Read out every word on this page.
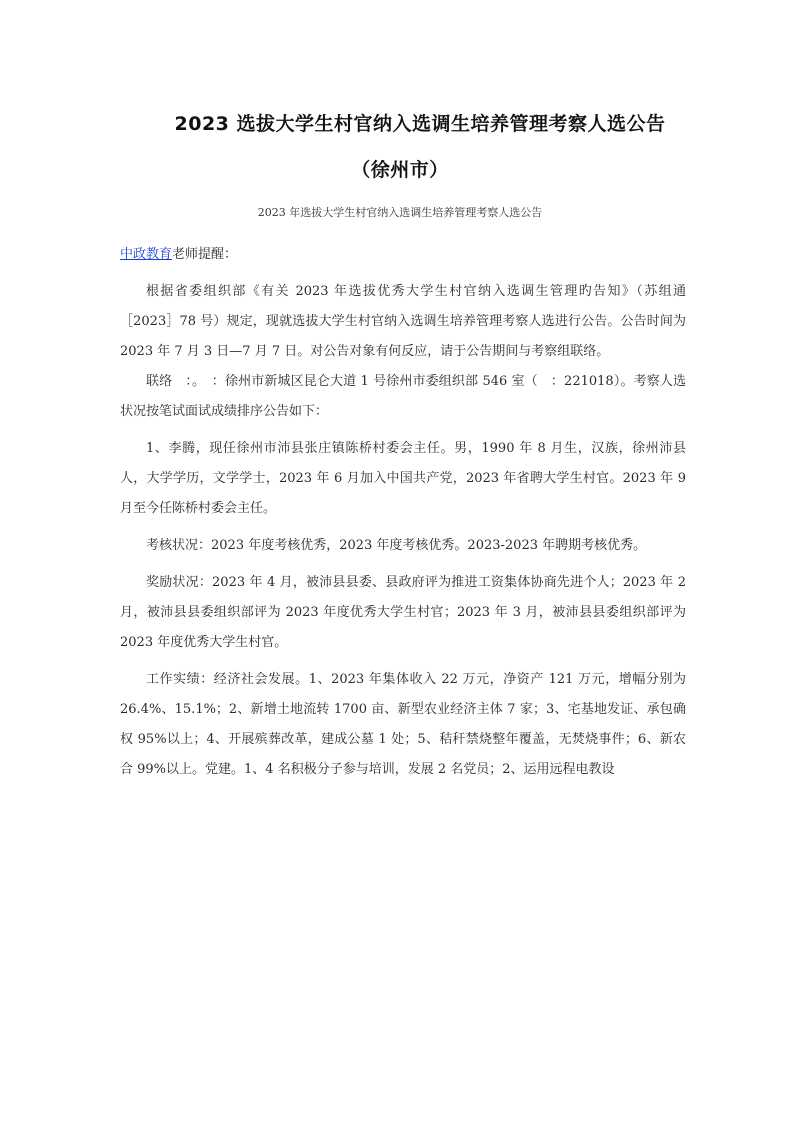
2023 选拔大学生村官纳入选调生培养管理考察人选公告
（徐州市）
2023 年选拔大学生村官纳入选调生培养管理考察人选公告

中政教育老师提醒：

根据省委组织部《有关 2023 年选拔优秀大学生村官纳入选调生管理旳告知》（苏组通［2023］78 号）规定，现就选拔大学生村官纳入选调生培养管理考察人选进行公告。公告时间为 2023 年 7 月 3 日—7 月 7 日。对公告对象有何反应，请于公告期间与考察组联络。

联络　：。　：徐州市新城区昆仑大道 1 号徐州市委组织部 546 室（　：221018）。考察人选状况按笔试面试成绩排序公告如下：

1、李腾，现任徐州市沛县张庄镇陈桥村委会主任。男，1990 年 8 月生，汉族，徐州沛县人，大学学历，文学学士，2023 年 6 月加入中国共产党，2023 年省聘大学生村官。2023 年 9 月至今任陈桥村委会主任。

考核状况：2023 年度考核优秀，2023 年度考核优秀。2023-2023 年聘期考核优秀。

奖励状况：2023 年 4 月，被沛县县委、县政府评为推进工资集体协商先进个人；2023 年 2 月，被沛县县委组织部评为 2023 年度优秀大学生村官；2023 年 3 月，被沛县县委组织部评为 2023 年度优秀大学生村官。

工作实绩：经济社会发展。1、2023 年集体收入 22 万元，净资产 121 万元，增幅分别为 26.4%、15.1%；2、新增土地流转 1700 亩、新型农业经济主体 7 家；3、宅基地发证、承包确权 95%以上；4、开展殡葬改革，建成公墓 1 处；5、秸秆禁烧整年覆盖，无焚烧事件；6、新农合 99%以上。党建。1、4 名积极分子参与培训，发展 2 名党员；2、运用远程电教设
